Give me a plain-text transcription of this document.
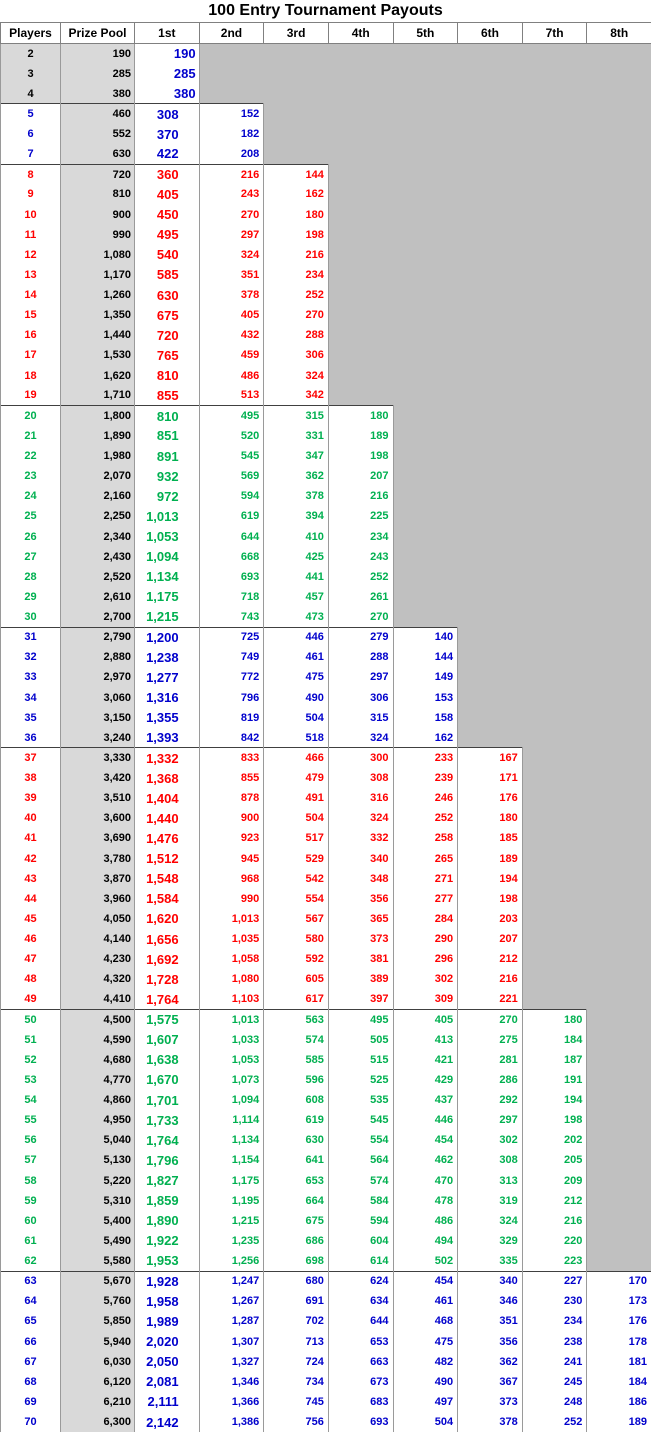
100 Entry Tournament Payouts
Players	Prize Pool	1st	2nd	3rd	4th	5th	6th	7th	8th
2	190	190							
3	285	285							
4	380	380							
5	460	308	152						
6	552	370	182						
7	630	422	208						
8	720	360	216	144					
9	810	405	243	162					
10	900	450	270	180					
11	990	495	297	198					
12	1,080	540	324	216					
13	1,170	585	351	234					
14	1,260	630	378	252					
15	1,350	675	405	270					
16	1,440	720	432	288					
17	1,530	765	459	306					
18	1,620	810	486	324					
19	1,710	855	513	342					
20	1,800	810	495	315	180				
21	1,890	851	520	331	189				
22	1,980	891	545	347	198				
23	2,070	932	569	362	207				
24	2,160	972	594	378	216				
25	2,250	1,013	619	394	225				
26	2,340	1,053	644	410	234				
27	2,430	1,094	668	425	243				
28	2,520	1,134	693	441	252				
29	2,610	1,175	718	457	261				
30	2,700	1,215	743	473	270				
31	2,790	1,200	725	446	279	140			
32	2,880	1,238	749	461	288	144			
33	2,970	1,277	772	475	297	149			
34	3,060	1,316	796	490	306	153			
35	3,150	1,355	819	504	315	158			
36	3,240	1,393	842	518	324	162			
37	3,330	1,332	833	466	300	233	167		
38	3,420	1,368	855	479	308	239	171		
39	3,510	1,404	878	491	316	246	176		
40	3,600	1,440	900	504	324	252	180		
41	3,690	1,476	923	517	332	258	185		
42	3,780	1,512	945	529	340	265	189		
43	3,870	1,548	968	542	348	271	194		
44	3,960	1,584	990	554	356	277	198		
45	4,050	1,620	1,013	567	365	284	203		
46	4,140	1,656	1,035	580	373	290	207		
47	4,230	1,692	1,058	592	381	296	212		
48	4,320	1,728	1,080	605	389	302	216		
49	4,410	1,764	1,103	617	397	309	221		
50	4,500	1,575	1,013	563	495	405	270	180	
51	4,590	1,607	1,033	574	505	413	275	184	
52	4,680	1,638	1,053	585	515	421	281	187	
53	4,770	1,670	1,073	596	525	429	286	191	
54	4,860	1,701	1,094	608	535	437	292	194	
55	4,950	1,733	1,114	619	545	446	297	198	
56	5,040	1,764	1,134	630	554	454	302	202	
57	5,130	1,796	1,154	641	564	462	308	205	
58	5,220	1,827	1,175	653	574	470	313	209	
59	5,310	1,859	1,195	664	584	478	319	212	
60	5,400	1,890	1,215	675	594	486	324	216	
61	5,490	1,922	1,235	686	604	494	329	220	
62	5,580	1,953	1,256	698	614	502	335	223	
63	5,670	1,928	1,247	680	624	454	340	227	170
64	5,760	1,958	1,267	691	634	461	346	230	173
65	5,850	1,989	1,287	702	644	468	351	234	176
66	5,940	2,020	1,307	713	653	475	356	238	178
67	6,030	2,050	1,327	724	663	482	362	241	181
68	6,120	2,081	1,346	734	673	490	367	245	184
69	6,210	2,111	1,366	745	683	497	373	248	186
70	6,300	2,142	1,386	756	693	504	378	252	189
